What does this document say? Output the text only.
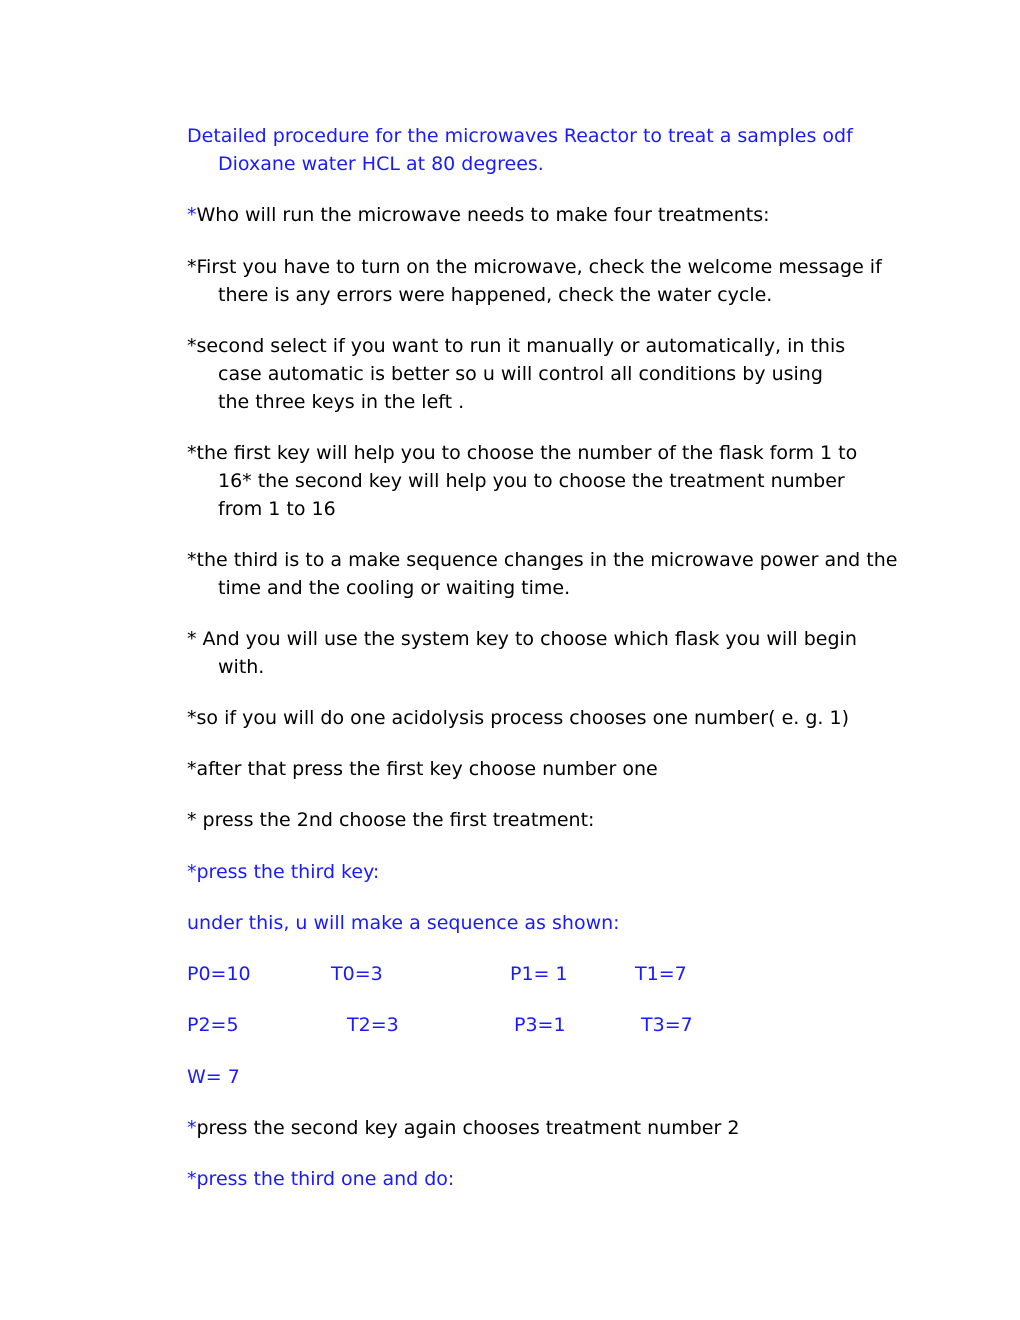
Detailed procedure for the microwaves Reactor to treat a samples odf
Dioxane water HCL at 80 degrees.

*Who will run the microwave needs to make four treatments:

*First you have to turn on the microwave, check the welcome message if
there is any errors were happened, check the water cycle.

*second select if you want to run it manually or automatically, in this
case automatic is better so u will control all conditions by using
the three keys in the left .

*the first key will help you to choose the number of the flask form 1 to
16* the second key will help you to choose the treatment number
from 1 to 16

*the third is to a make sequence changes in the microwave power and the
time and the cooling or waiting time.

* And you will use the system key to choose which flask you will begin
with.

*so if you will do one acidolysis process chooses one number( e. g. 1)

*after that press the first key choose number one

* press the 2nd choose the first treatment:

*press the third key:

under this, u will make a sequence as shown:

P0=10	T0=3	P1= 1	T1=7
P2=5	T2=3	P3=1	T3=7
W= 7

*press the second key again chooses treatment number 2

*press the third one and do:
